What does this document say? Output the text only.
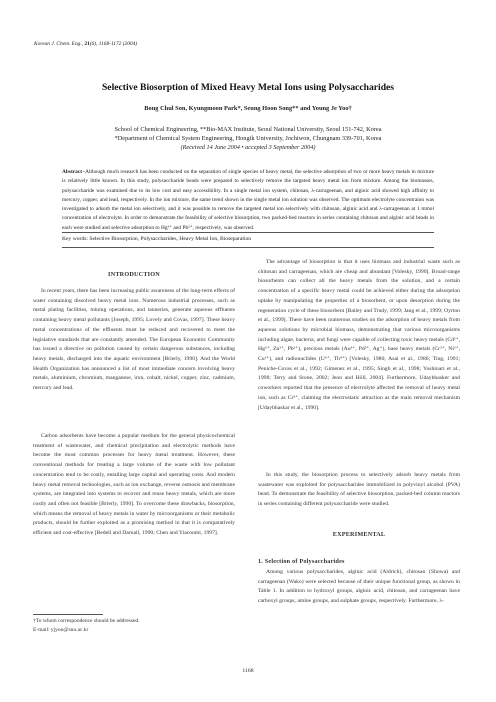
Korean J. Chem. Eng., 21(6), 1168-1172 (2004)
Selective Biosorption of Mixed Heavy Metal Ions using Polysaccharides
Bong Chul Son, Kyungmoon Park*, Seung Hoon Song** and Young Je Yoo†
School of Chemical Engineering, **Bio-MAX Institute, Seoul National University, Seoul 151-742, Korea
*Department of Chemical System Engineering, Hongik University, Jochiwon, Chungnam 339-701, Korea
(Received 14 June 2004 • accepted 3 September 2004)
Abstract−Although much research has been conducted on the separation of single species of heavy metal, the selective adsorption of two or more heavy metals in mixture is relatively little known. In this study, polysaccharide beads were prepared to selectively remove the targeted heavy metal ion from mixture. Among the biomasses, polysaccharide was examined due to its low cost and easy accessibility. In a single metal ion system, chitosan, λ-carrageenan, and alginic acid showed high affinity to mercury, copper, and lead, respectively. In the ion mixture, the same trend shown in the single metal ion solution was observed. The optimum electrolyte concentraion was investigated to adsorb the metal ion selectively, and it was possible to remove the targeted metal ion selectively with chitosan, alginic acid and λ-carrageenan at 1 mmol concentration of electrolyte. In order to demonstrate the feasibility of selective biosorption, two packed-bed reactors in series containing chitosan and alginic acid beads in each were studied and selective adsorption to Hg²⁺ and Pb²⁺, respectively, was observed.
Key words: Selective Biosorption, Polysaccharides, Heavy Metal Ion, Bioseparation
INTRODUCTION
In recent years, there has been increasing public awareness of the long-term effects of water containing dissolved heavy metal ions. Numerous industrial processes, such as metal plating facilities, mining operations, and tanneries, generate aqueous effluents containing heavy metal pollutants [Joseph, 1995; Lovely and Covas, 1997]. These heavy metal concentrations of the effluents must be reduced and recovered to meet the legislative standards that are constantly amended. The European Economic Community has issued a directive on pollution caused by certain dangerous substances, including heavy metals, discharged into the aquatic environment [Brierly, 1990]. And the World Health Organization has announced a list of most immediate concern involving heavy metals, aluminium, chromium, manganese, iron, cobalt, nickel, copper, zinc, cadmium, mercury and lead.
Carbon adsorbents have become a popular medium for the general physicochemical treatment of wastewater, and chemical precipitation and electrolytic methods have become the most common processes for heavy metal treatment. However, these conventional methods for treating a large volume of the waste with low pollutant concentration tend to be costly, entailing large capital and operating costs. And modern heavy metal removal technologies, such as ion exchange, reverse osmosis and membrane systems, are integrated into systems to recover and reuse heavy metals, which are more costly and often not feasible [Brierly, 1990]. To overcome these drawbacks, biosorption, which means the removal of heavy metals in water by microorganisms or their metabolic products, should be further exploited as a promising method in that it is comparatively efficient and cost-effective [Bedell and Darnall, 1990; Chen and Yiacoumi, 1997].
The advantage of biosorption is that it uses biomass and industrial waste such as chitosan and carrageenan, which are cheap and abundant [Volesky, 1990]. Broad-range biosorbents can collect all the heavy metals from the solution, and a certain concentration of a specific heavy metal could be achieved either during the adsorption uptake by manipulating the properties of a biosorbent, or upon desorption during the regeneration cycle of these biosorbent [Bailey and Trudy, 1999; Jang et al., 1999; Oyrton et al., 1999]. There have been numerous studies on the adsorption of heavy metals from aqueous solutions by microbial biomass, demonstrating that various microorganisms including algae, bacteria, and fungi were capable of collecting toxic heavy metals (Cd²⁺, Hg²⁺, Zn²⁺, Pb²⁺), precious metals (Au³⁺, Pd²⁺, Ag⁺), base heavy metals (Cr³⁺, Ni²⁺, Cu²⁺), and radionuclides (U⁶⁺, Th⁴⁺) [Volesky, 1986; Asai et al., 1986; Ting, 1991; Peniche-Covas et al., 1992; Gimenez et al., 1995; Singh et al., 1998; Yoshinari et al., 1998; Terry and Stone, 2002; Jeon and Höll, 2004]. Furthermore, Udaybhasker and coworkers reported that the presence of electrolyte affected the removal of heavy metal ion, such as Cr³⁺, claiming the electrostatic attraction as the main removal mechanism [Udaybhaskar et al., 1990].
In this study, the biosorption process to selectively adsorb heavy metals from wastewater was exploited for polysaccharides immobilized in polyvinyl alcohol (PVA) bead. To demonstrate the feasibility of selective biosorption, packed-bed column reactors in series containing different polysaccharide were studied.
EXPERIMENTAL
1. Selection of Polysaccharides
Among various polysaccharides, alginic acid (Aldrich), chitosan (Showa) and carrageenan (Wako) were selected because of their unique functional group, as shown in Table 1. In addition to hydroxyl groups, alginic acid, chitosan, and carrageenan have carboxyl groups, amine groups, and sulphate groups, respectively. Furthermore, λ-
†To whom correspondence should be addressed.
E-mail: yjyoo@snu.ac.kr
1168
